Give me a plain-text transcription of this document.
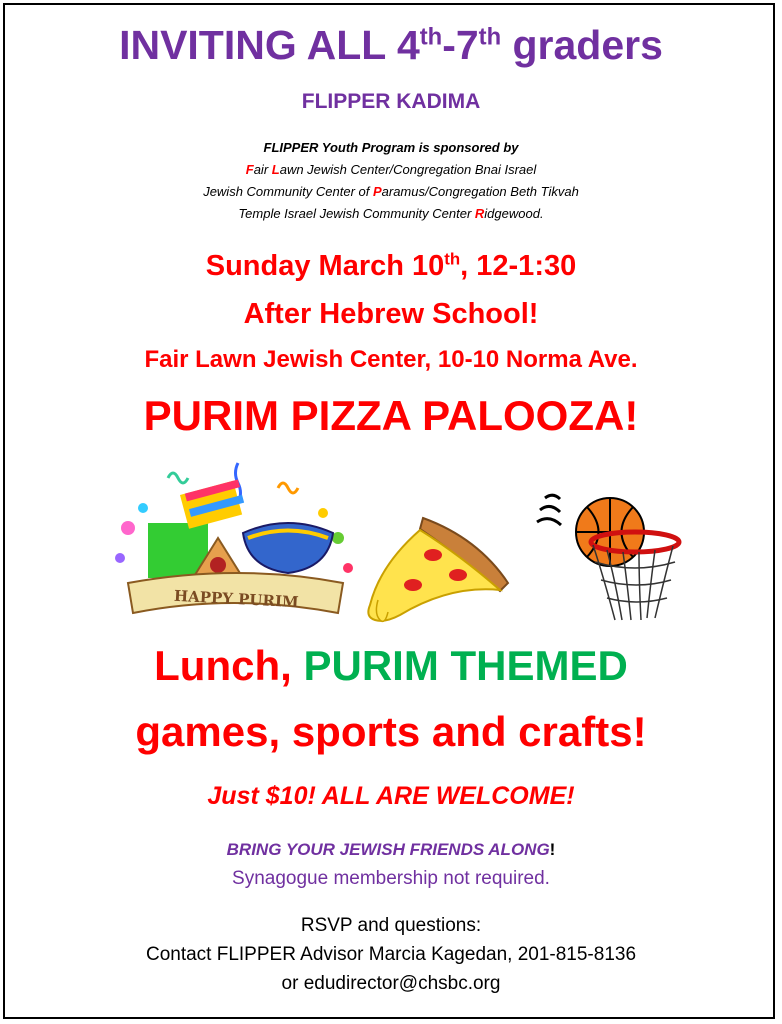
INVITING ALL 4th-7th graders
FLIPPER KADIMA
FLIPPER Youth Program is sponsored by
Fair Lawn Jewish Center/Congregation Bnai Israel
Jewish Community Center of Paramus/Congregation Beth Tikvah
Temple Israel Jewish Community Center Ridgewood.
Sunday March 10th, 12-1:30
After Hebrew School!
Fair Lawn Jewish Center, 10-10 Norma Ave.
PURIM PIZZA PALOOZA!
HAPPY PURIM
Lunch, PURIM THEMED
games, sports and crafts!
Just $10! ALL ARE WELCOME!
BRING YOUR JEWISH FRIENDS ALONG!
Synagogue membership not required.
RSVP and questions:
Contact FLIPPER Advisor Marcia Kagedan, 201-815-8136
or edudirector@chsbc.org
